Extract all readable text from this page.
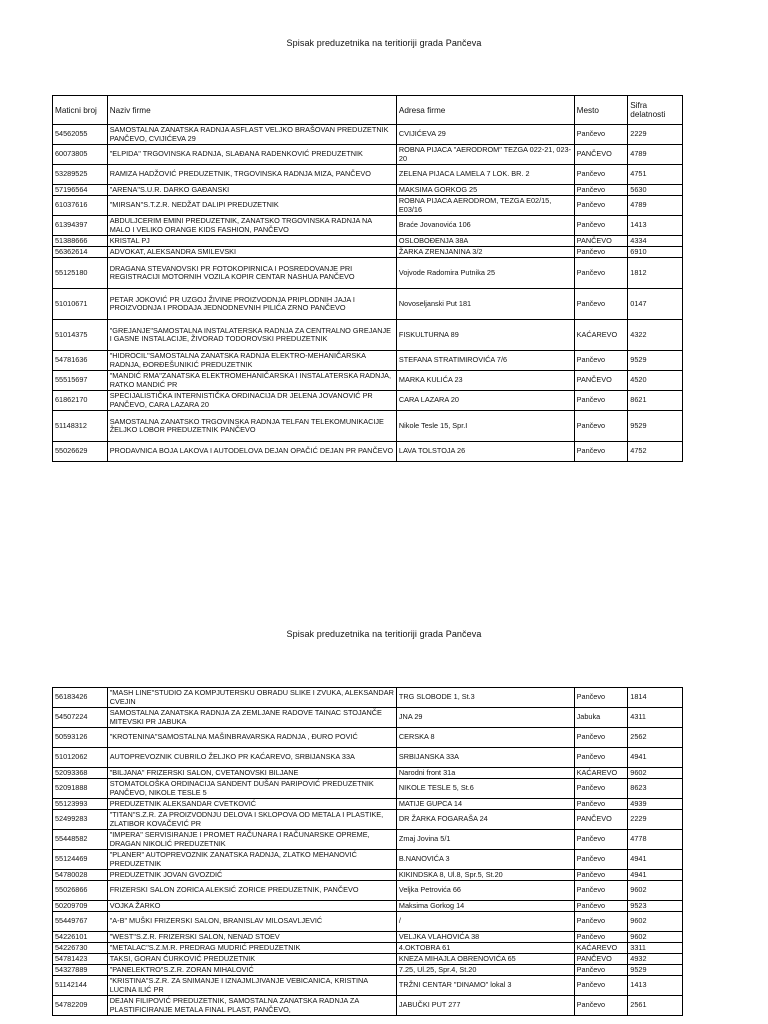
Spisak preduzetnika na teritioriji grada Pančeva
Maticni broj	Naziv firme	Adresa firme	Mesto	Sifra delatnosti
54562055	SAMOSTALNA ZANATSKA RADNJA ASFLAST VELJKO BRAŠOVAN PREDUZETNIK PANČEVO, CVIJIĆEVA 29	CVIJIĆEVA 29	Pančevo	2229
60073805	"ELPIDA" TRGOVINSKA RADNJA, SLAĐANA RADENKOVIĆ PREDUZETNIK	ROBNA PIJACA "AERODROM" TEZGA 022-21, 023-20	PANČEVO	4789
53289525	RAMIZA HADŽOVIĆ PREDUZETNIK, TRGOVINSKA RADNJA MIZA, PANČEVO	ZELENA PIJACA LAMELA 7 LOK. BR. 2	Pančevo	4751
57196564	"ARENA"S.U.R. DARKO GAĐANSKI	MAKSIMA GORKOG 25	Pančevo	5630
61037616	"MIRSAN"S.T.Z.R. NEDŽAT DALIPI PREDUZETNIK	ROBNA PIJACA AERODROM, TEZGA E02/15, E03/16	Pančevo	4789
61394397	ABDULJCERIM EMINI PREDUZETNIK, ZANATSKO TRGOVINSKA RADNJA NA MALO I VELIKO ORANGE KIDS FASHION, PANČEVO	Braće Jovanovića 106	Pančevo	1413
51388666	KRISTAL PJ	OSLOBOĐENJA 38A	PANČEVO	4334
56362614	ADVOKAT, ALEKSANDRA SMILEVSKI	ŽARKA ZRENJANINA 3/2	Pančevo	6910
55125180	DRAGANA STEVANOVSKI PR FOTOKOPIRNICA I POSREDOVANJE PRI REGISTRACIJI MOTORNIH VOZILA KOPIR CENTAR NASHUA PANČEVO	Vojvode Radomira Putnika 25	Pančevo	1812
51010671	PETAR JOKOVIĆ PR UZGOJ ŽIVINE PROIZVODNJA PRIPLODNIH JAJA I PROIZVODNJA I PRODAJA JEDNODNEVNIH PILIĆA ZRNO PANČEVO	Novoseljanski Put 181	Pančevo	0147
51014375	"GREJANJE"SAMOSTALNA INSTALATERSKA RADNJA ZA CENTRALNO GREJANJE I GASNE INSTALACIJE, ŽIVORAD TODOROVSKI PREDUZETNIK	FISKULTURNA 89	KAĆAREVO	4322
54781636	"HIDROCIL"SAMOSTALNA ZANATSKA RADNJA ELEKTRO-MEHANIČARSKA RADNJA, ĐORĐEŠUNIKIĆ PREDUZETNIK	STEFANA STRATIMIROVIĆA 7/6	Pančevo	9529
55515697	"MANDIĆ RMA"ZANATSKA ELEKTROMEHANIČARSKA I INSTALATERSKA RADNJA, RATKO MANDIĆ PR	MARKA KULIĆA 23	PANČEVO	4520
61862170	SPECIJALISTIČKA INTERNISTIČKA ORDINACIJA DR JELENA JOVANOVIĆ PR PANČEVO, CARA LAZARA 20	CARA LAZARA 20	Pančevo	8621
51148312	SAMOSTALNA ZANATSKO TRGOVINSKA RADNJA TELFAN TELEKOMUNIKACIJE ŽELJKO LOBOR PREDUZETNIK PANČEVO	Nikole Tesle 15, Spr.I	Pančevo	9529
55026629	PRODAVNICA BOJA LAKOVA I AUTODELOVA DEJAN OPAČIĆ DEJAN PR PANČEVO	LAVA TOLSTOJA 26	Pančevo	4752
Spisak preduzetnika na teritioriji grada Pančeva
56183426	"MASH LINE"STUDIO ZA KOMPJUTERSKU OBRADU SLIKE I ZVUKA, ALEKSANDAR CVEJIN	TRG SLOBODE 1, St.3	Pančevo	1814
54507224	SAMOSTALNA ZANATSKA RADNJA ZA ZEMLJANE RADOVE TAINAC STOJANČE MITEVSKI PR JABUKA	JNA 29	Jabuka	4311
50593126	"KROTENINA"SAMOSTALNA MAŠINBRAVARSKA RADNJA , ĐURO POVIĆ	CERSKA 8	Pančevo	2562
51012062	AUTOPREVOZNIK CUBRILO ŽELJKO PR KAĆAREVO, SRBIJANSKA 33A	SRBIJANSKA 33A	Pančevo	4941
52093368	"BILJANA" FRIZERSKI SALON, CVETANOVSKI BILJANE	Narodni front 31a	KAĆAREVO	9602
52091888	STOMATOLOŠKA ORDINACIJA SANDENT DUŠAN PARIPOVIĆ PREDUZETNIK PANČEVO, NIKOLE TESLE 5	NIKOLE TESLE 5, St.6	Pančevo	8623
55123993	PREDUZETNIK ALEKSANDAR CVETKOVIĆ	MATIJE GUPCA 14	Pančevo	4939
52499283	"TITAN"S.Z.R. ZA PROIZVODNJU DELOVA I SKLOPOVA OD METALA I PLASTIKE, ZLATIBOR KOVAČEVIĆ PR	DR ŽARKA FOGARAŠA 24	PANČEVO	2229
55448582	"IMPERA" SERVISIRANJE I PROMET RAČUNARA I RAČUNARSKE OPREME, DRAGAN NIKOLIĆ PREDUZETNIK	Zmaj Jovina 5/1	Pančevo	4778
55124469	"PLANER" AUTOPREVOZNIK ZANATSKA RADNJA, ZLATKO MEHANOVIĆ PREDUZETNIK	B.NANOVIĆA 3	Pančevo	4941
54780028	PREDUZETNIK JOVAN GVOZDIĆ	KIKINDSKA 8, Ul.8, Spr.5, St.20	Pančevo	4941
55026866	FRIZERSKI SALON ZORICA ALEKSIĆ ZORICE PREDUZETNIK, PANČEVO	Veljka Petrovića 66	Pančevo	9602
50209709	VOJKA ŽARKO	Maksima Gorkog 14	Pančevo	9523
55449767	"A-B" MUŠKI FRIZERSKI SALON, BRANISLAV MILOSAVLJEVIĆ	/	Pančevo	9602
54226101	"WEST"S.Z.R. FRIZERSKI SALON, NENAD STOEV	VELJKA VLAHOVIĆA 38	Pančevo	9602
54226730	"METALAC"S.Z.M.R. PREDRAG MUDRIĆ PREDUZETNIK	4.OKTOBRA 61	KAĆAREVO	3311
54781423	TAKSI, GORAN ĆURKOVIĆ PREDUZETNIK	KNEZA MIHAJLA OBRENOVIĆA 65	PANČEVO	4932
54327889	"PANELEKTRO"S.Z.R. ZORAN MIHALOVIĆ	7.25, Ul.25, Spr.4, St.20	Pančevo	9529
51142144	"KRISTINA"S.Z.R. ZA SNIMANJE I IZNAJMLJIVANJE VEBICANICA, KRISTINA LUCINA ILIĆ PR	TRŽNI CENTAR "DINAMO" lokal 3	Pančevo	1413
54782209	DEJAN FILIPOVIĆ PREDUZETNIK, SAMOSTALNA ZANATSKA RADNJA ZA PLASTIFICIRANJE METALA FINAL PLAST, PANČEVO,	JABUČKI PUT 277	Pančevo	2561
